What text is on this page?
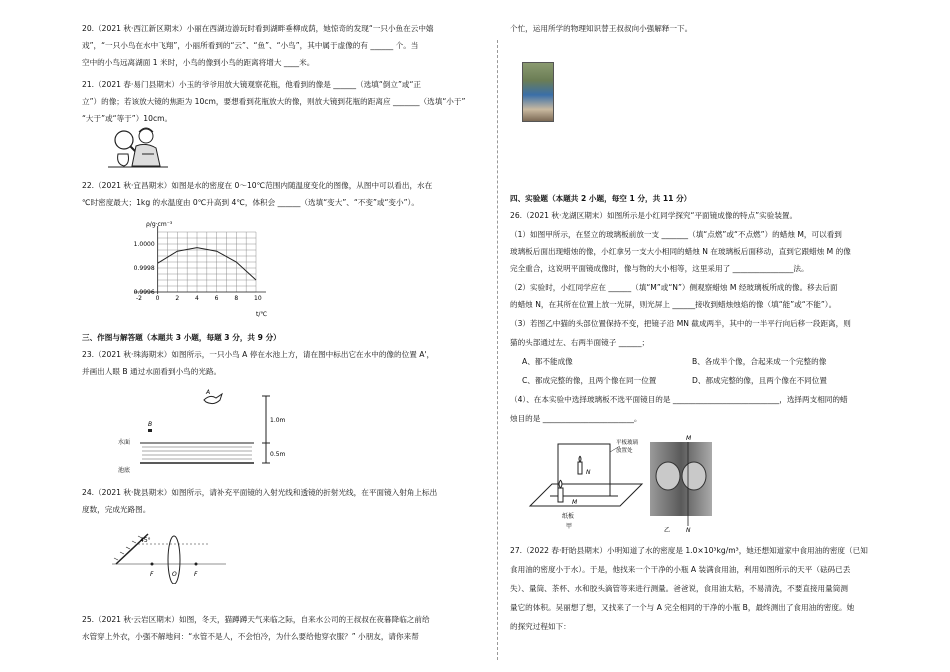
20.（2021 秋·西江新区期末）小丽在西湖边游玩时看到湖畔垂柳成荫，她惊奇的发现“一只小鱼在云中嬉
戏”，“一只小鸟在水中飞翔”，小丽所看到的“云”、“鱼”、“小鸟”，其中属于虚像的有 ______ 个。当
空中的小鸟远离湖面 1 米时，小鸟的像到小鸟的距离将增大 ____米。
21.（2021 春·易门县期末）小玉的爷爷用放大镜观察花瓶，他看到的像是 ______（选填“倒立”或“正
立”）的像；若该放大镜的焦距为 10cm，要想看到花瓶放大的像，则放大镜到花瓶的距离应 _______（选填“小于”
“大于”或“等于”）10cm。
22.（2021 秋·宜昌期末）如图是水的密度在 0～10℃范围内随温度变化的图像，从图中可以看出，水在
℃时密度最大；1kg 的水温度由 0℃升高到 4℃，体积会 ______（选填“变大”、“不变”或“变小”）。
ρ/g·cm⁻³
-2 0	2	4	6	8	10
1.0000
0.9998
0.9996
t/℃
三、作图与解答题（本题共 3 小题，每题 3 分，共 9 分）
23.（2021 秋·珠海期末）如图所示，一只小鸟 A 停在水池上方，请在图中标出它在水中的像的位置 A'，
并画出人眼 B 通过水面看到小鸟的光路。
A
B
水面
池底
1.0m
0.5m
24.（2021 秋·陇县期末）如图所示，请补充平面镜的入射光线和透镜的折射光线，在平面镜入射角上标出
度数，完成光路图。
45°
F	O	F
25.（2021 秋·云岩区期末）如图，冬天，猫蹲蹲天气来临之际，自来水公司的王叔叔在夜暮降临之前给
水管穿上外衣，小强不解地问：“水管不是人，不会怕冷，为什么要给他穿衣服？” 小朋友，请你来帮
个忙，运用所学的物理知识替王叔叔向小强解释一下。
四、实验题（本题共 2 小题，每空 1 分，共 11 分）
26.（2021 秋·龙湖区期末）如图所示是小红同学探究“平面镜成像的特点”实验装置。
（1）如图甲所示，在竖立的玻璃板前放一支 _______（填“点燃”或“不点燃”）的蜡烛 M，可以看到
玻璃板后面出现蜡烛的像，小红拿另一支大小相同的蜡烛 N 在玻璃板后面移动，直到它跟蜡烛 M 的像
完全重合，这说明平面镜成像时，像与物的大小相等，这里采用了 ________________法。
（2）实验时，小红同学应在 ______（填“M”或“N”）侧观察蜡烛 M 经玻璃板所成的像。移去后面
的蜡烛 N，在其所在位置上放一光屏，则光屏上 ______接收到蜡烛烛焰的像（填“能”或“不能”）。
（3）若图乙中猫的头部位置保持不变，把镜子沿 MN 截成两半，其中的一半平行向后移一段距离，则
猫的头部通过左、右两半面镜子 ______；
A、都不能成像	B、各成半个像，合起来成一个完整的像
C、都成完整的像，且两个像在同一位置	D、都成完整的像，且两个像在不同位置
（4）、在本实验中选择玻璃板不选平面镜目的是 ____________________________，选择两支相同的蜡
烛目的是 ________________________。
N
M
平板玻璃
放置处
纸板
甲
M
N
乙
27.（2022 春·盱眙县期末）小明知道了水的密度是 1.0×10³kg/m³，她还想知道家中食用油的密度（已知
食用油的密度小于水）。于是，他找来一个干净的小瓶 A 装满食用油，利用如图所示的天平（砝码已丢
失）、量筒、茶杯、水和胶头滴管等来进行测量。爸爸说，食用油太粘，不易清洗，不要直接用量筒测
量它的体积。吴丽想了想，又找来了一个与 A 完全相同的干净的小瓶 B，最终测出了食用油的密度。她
的探究过程如下：
